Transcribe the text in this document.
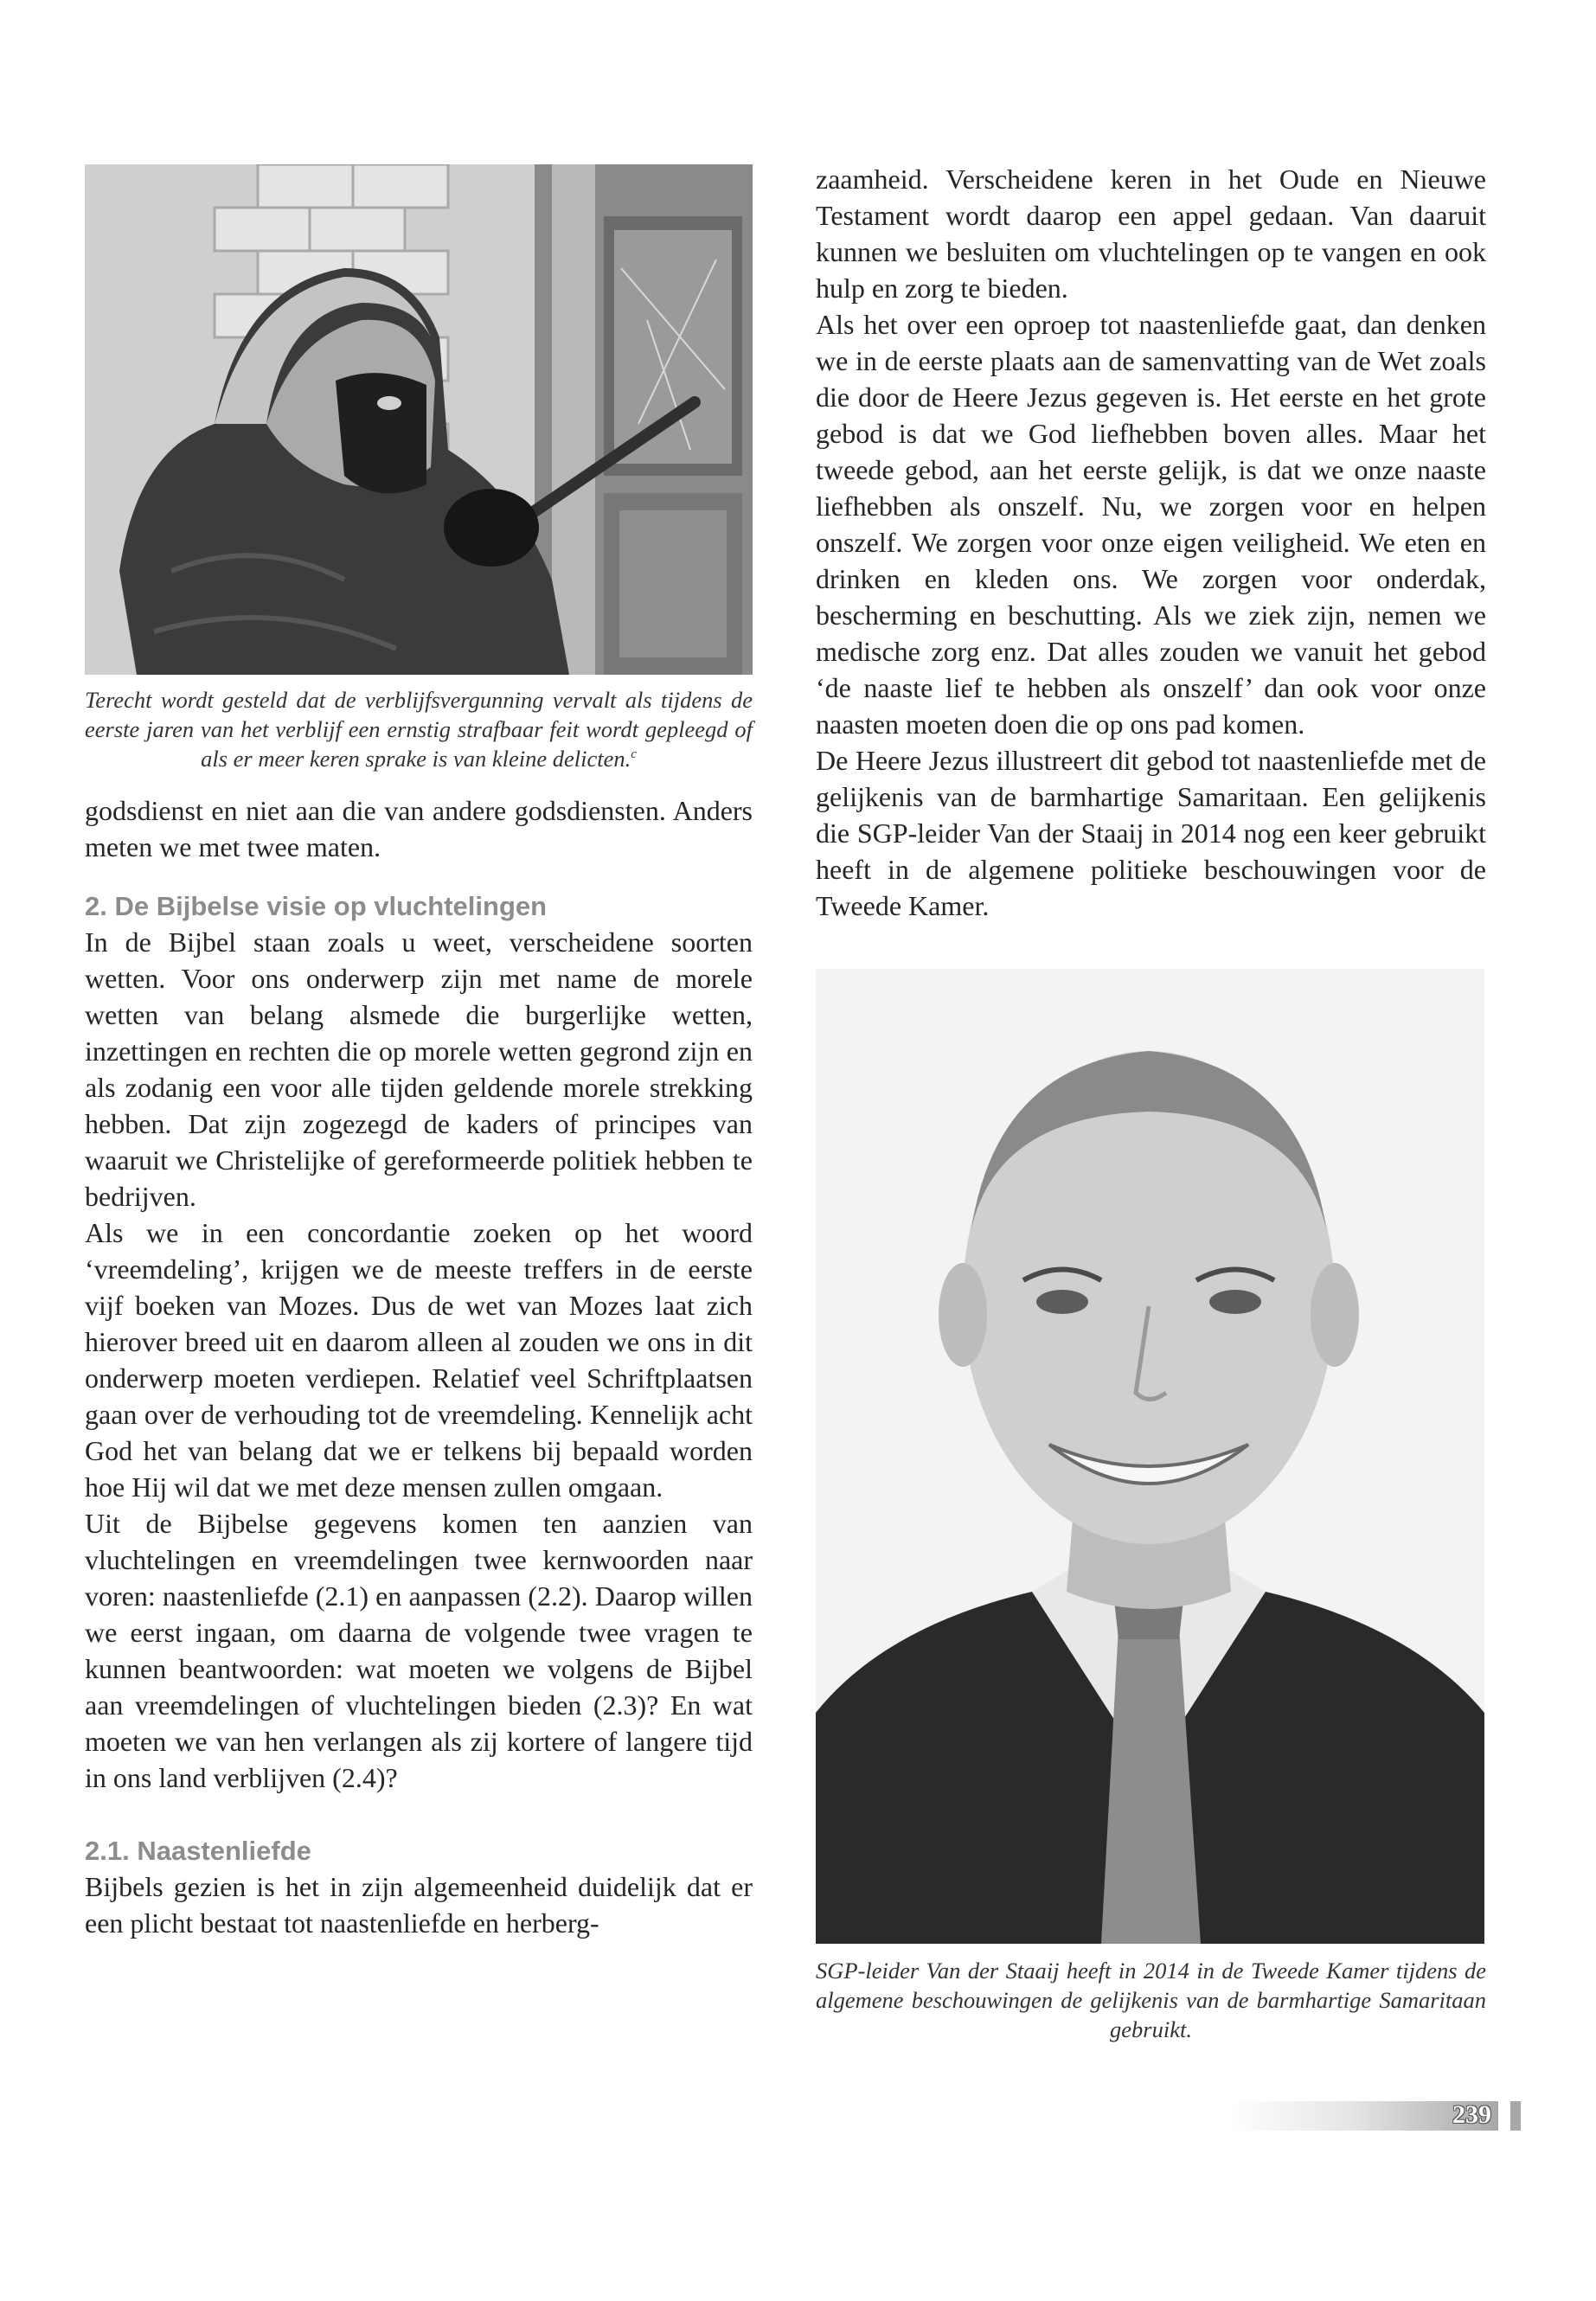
Terecht wordt gesteld dat de verblijfsvergunning vervalt als tijdens de eerste jaren van het verblijf een ernstig strafbaar feit wordt gepleegd of als er meer keren sprake is van kleine delicten.$^c$

godsdienst en niet aan die van andere godsdiensten. Anders meten we met twee maten.

2. De Bijbelse visie op vluchtelingen

In de Bijbel staan zoals u weet, verscheidene soorten wetten. Voor ons onderwerp zijn met name de morele wetten van belang alsmede die burgerlijke wetten, inzettingen en rechten die op morele wetten gegrond zijn en als zodanig een voor alle tijden geldende morele strekking hebben. Dat zijn zogezegd de kaders of principes van waaruit we Christelijke of gereformeerde politiek hebben te bedrijven.

Als we in een concordantie zoeken op het woord ‘vreemdeling’, krijgen we de meeste treffers in de eerste vijf boeken van Mozes. Dus de wet van Mozes laat zich hierover breed uit en daarom alleen al zouden we ons in dit onderwerp moeten verdiepen. Relatief veel Schriftplaatsen gaan over de verhouding tot de vreemdeling. Kennelijk acht God het van belang dat we er telkens bij bepaald worden hoe Hij wil dat we met deze mensen zullen omgaan.

Uit de Bijbelse gegevens komen ten aanzien van vluchtelingen en vreemdelingen twee kernwoorden naar voren: naastenliefde (2.1) en aanpassen (2.2). Daarop willen we eerst ingaan, om daarna de volgende twee vragen te kunnen beantwoorden: wat moeten we volgens de Bijbel aan vreemdelingen of vluchtelingen bieden (2.3)? En wat moeten we van hen verlangen als zij kortere of langere tijd in ons land verblijven (2.4)?

2.1. Naastenliefde

Bijbels gezien is het in zijn algemeenheid duidelijk dat er een plicht bestaat tot naastenliefde en herberg-

zaamheid. Verscheidene keren in het Oude en Nieuwe Testament wordt daarop een appel gedaan. Van daaruit kunnen we besluiten om vluchtelingen op te vangen en ook hulp en zorg te bieden.

Als het over een oproep tot naastenliefde gaat, dan denken we in de eerste plaats aan de samenvatting van de Wet zoals die door de Heere Jezus gegeven is. Het eerste en het grote gebod is dat we God liefhebben boven alles. Maar het tweede gebod, aan het eerste gelijk, is dat we onze naaste liefhebben als onszelf. Nu, we zorgen voor en helpen onszelf. We zorgen voor onze eigen veiligheid. We eten en drinken en kleden ons. We zorgen voor onderdak, bescherming en beschutting. Als we ziek zijn, nemen we medische zorg enz. Dat alles zouden we vanuit het gebod ‘de naaste lief te hebben als onszelf’ dan ook voor onze naasten moeten doen die op ons pad komen.

De Heere Jezus illustreert dit gebod tot naastenliefde met de gelijkenis van de barmhartige Samaritaan. Een gelijkenis die SGP-leider Van der Staaij in 2014 nog een keer gebruikt heeft in de algemene politieke beschouwingen voor de Tweede Kamer.

SGP-leider Van der Staaij heeft in 2014 in de Tweede Kamer tijdens de algemene beschouwingen de gelijkenis van de barmhartige Samaritaan gebruikt.

239
